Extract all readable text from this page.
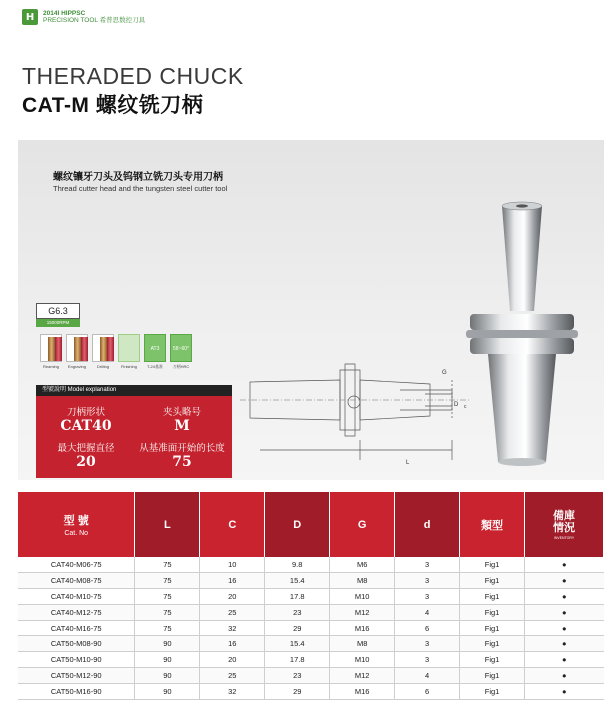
H	2014I HIPPSC
PRECISION TOOL 希普思数控刀具
THERADED CHUCK
CAT-M 螺纹铣刀柄
螺纹镶牙刀头及钨钢立铣刀头专用刀柄
Thread cutter head and the tungsten steel cutter tool
G6.3
15000RPM
AT3	58~60°
Reaming	Engraving	Drilling	Finishing	T-24基准	刀柄HRC
型號說明 Model explanation
刀柄形状
CAT40
夹头略号
M
最大把握直径
20
从基准面开始的长度
75
G
D c
L
型 號
Cat. No	L	C	D	G	d	類型	備庫 情況
INVENTORY

CAT40-M06-75	75	10	9.8	M6	3	Fig1	●
CAT40-M08-75	75	16	15.4	M8	3	Fig1	●
CAT40-M10-75	75	20	17.8	M10	3	Fig1	●
CAT40-M12-75	75	25	23	M12	4	Fig1	●
CAT40-M16-75	75	32	29	M16	6	Fig1	●
CAT50-M08-90	90	16	15.4	M8	3	Fig1	●
CAT50-M10-90	90	20	17.8	M10	3	Fig1	●
CAT50-M12-90	90	25	23	M12	4	Fig1	●
CAT50-M16-90	90	32	29	M16	6	Fig1	●
